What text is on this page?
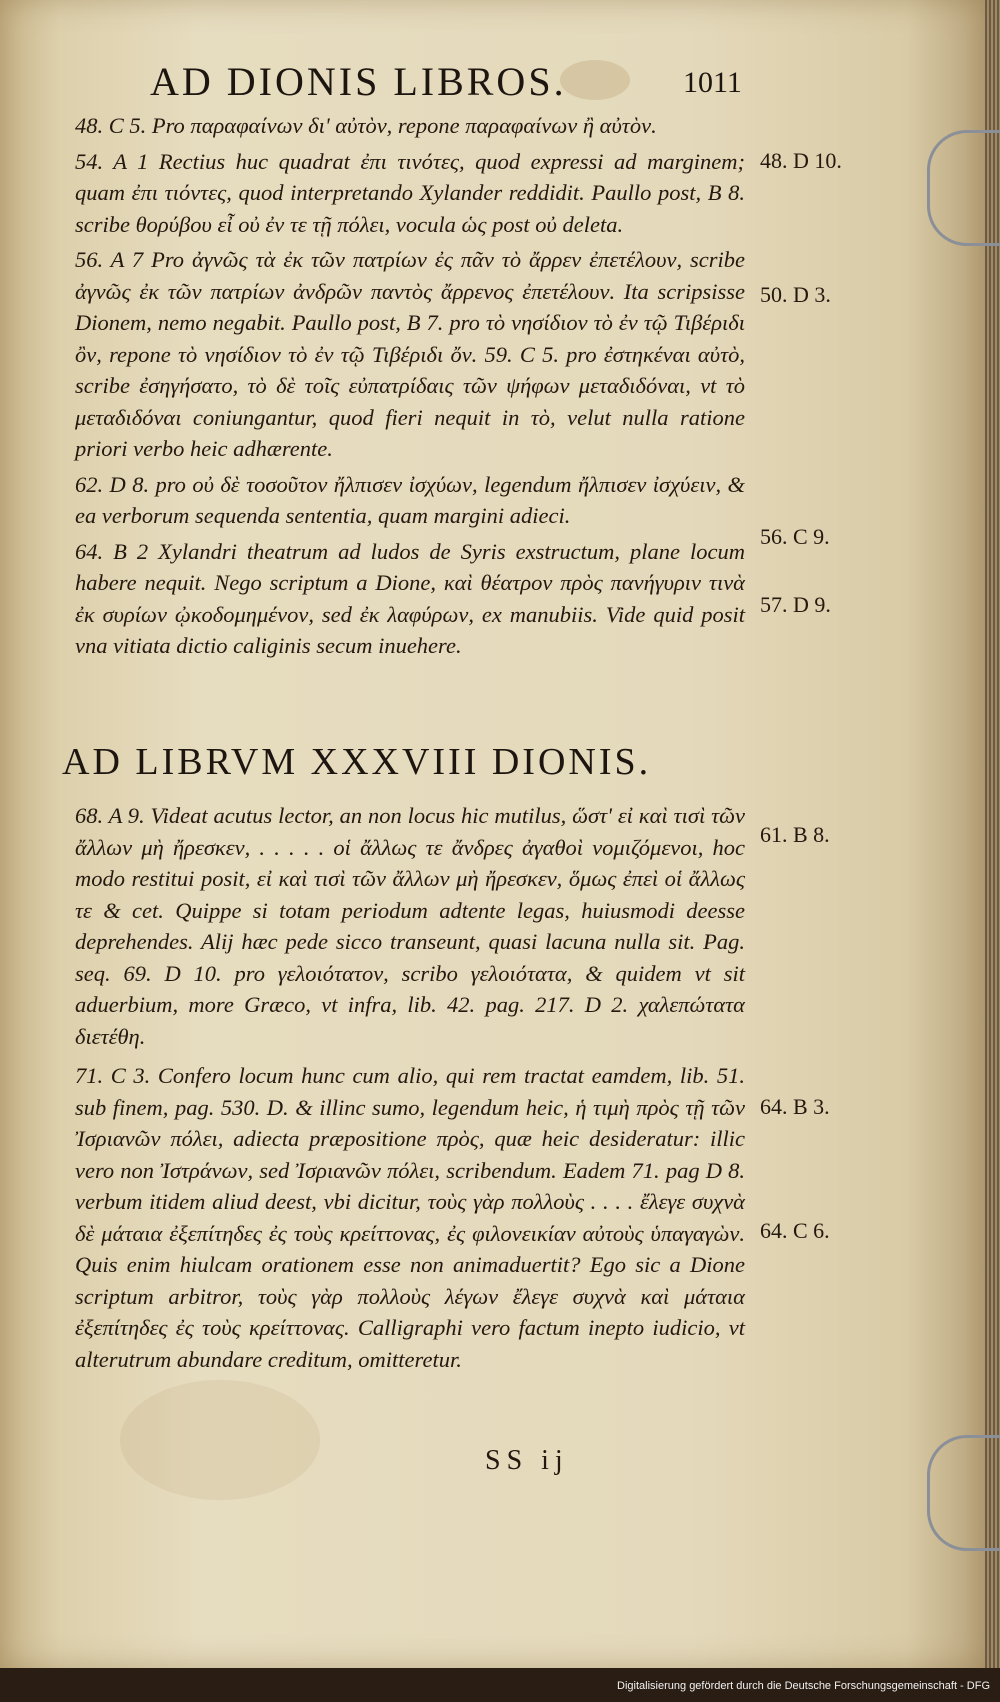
AD DIONIS LIBROS.	1011

48. C 5. Pro παραφαίνων δι' αὐτὸν, repone παραφαίνων ἢ αὐτὸν.

54. A 1 Rectius huc quadrat ἐπι τινότες, quod expressi ad marginem; quam ἐπι τιόντες, quod interpretando Xylander reddidit. Paullo post, B 8. scribe θορύβου εἶ οὐ ἐν τε τῇ πόλει, vocula ὡς post οὐ deleta.

56. A 7 Pro ἀγνῶς τὰ ἐκ τῶν πατρίων ἐς πᾶν τὸ ἄρρεν ἐπετέλουν, scribe ἀγνῶς ἐκ τῶν πατρίων ἀνδρῶν παντὸς ἄρρενος ἐπετέλουν. Ita scripsisse Dionem, nemo negabit. Paullo post, B 7. pro τὸ νησίδιον τὸ ἐν τῷ Τιβέριδι ὂν, repone τὸ νησίδιον τὸ ἐν τῷ Τιβέριδι ὄν. 59. C 5. pro ἐστηκέναι αὐτὸ, scribe ἐσηγήσατο, τὸ δὲ τοῖς εὐπατρίδαις τῶν ψήφων μεταδιδόναι, vt τὸ μεταδιδόναι coniungantur, quod fieri nequit in τὸ, velut nulla ratione priori verbo heic adhærente.

62. D 8. pro οὐ δὲ τοσοῦτον ἤλπισεν ἰσχύων, legendum ἤλπισεν ἰσχύειν, & ea verborum sequenda sententia, quam margini adieci.

64. B 2 Xylandri theatrum ad ludos de Syris exstructum, plane locum habere nequit. Nego scriptum a Dione, καὶ θέατρον πρὸς πανήγυριν τινὰ ἐκ συρίων ᾠκοδομημένον, sed ἐκ λαφύρων, ex manubiis. Vide quid posit vna vitiata dictio caliginis secum inuehere.

AD LIBRVM XXXVIII DIONIS.

68. A 9. Videat acutus lector, an non locus hic mutilus, ὥστ' εἰ καὶ τισὶ τῶν ἄλλων μὴ ἤρεσκεν, . . . . . οἱ ἄλλως τε ἄνδρες ἀγαθοὶ νομιζόμενοι, hoc modo restitui posit, εἰ καὶ τισὶ τῶν ἄλλων μὴ ἤρεσκεν, ὅμως ἐπεὶ οἱ ἄλλως τε & cet. Quippe si totam periodum adtente legas, huiusmodi deesse deprehendes. Alij hæc pede sicco transeunt, quasi lacuna nulla sit. Pag. seq. 69. D 10. pro γελοιότατον, scribo γελοιότατα, & quidem vt sit aduerbium, more Græco, vt infra, lib. 42. pag. 217. D 2. χαλεπώτατα διετέθη.

71. C 3. Confero locum hunc cum alio, qui rem tractat eamdem, lib. 51. sub finem, pag. 530. D. & illinc sumo, legendum heic, ἡ τιμὴ πρὸς τῇ τῶν Ἰσριανῶν πόλει, adiecta præpositione πρὸς, quæ heic desideratur: illic vero non Ἰστράνων, sed Ἰσριανῶν πόλει, scribendum. Eadem 71. pag D 8. verbum itidem aliud deest, vbi dicitur, τοὺς γὰρ πολλοὺς . . . . ἔλεγε συχνὰ δὲ μάταια ἐξεπίτηδες ἐς τοὺς κρείττονας, ἐς φιλονεικίαν αὐτοὺς ὑπαγαγὼν. Quis enim hiulcam orationem esse non animaduertit? Ego sic a Dione scriptum arbitror, τοὺς γὰρ πολλοὺς λέγων ἔλεγε συχνὰ καὶ μάταια ἐξεπίτηδες ἐς τοὺς κρείττονας. Calligraphi vero factum inepto iudicio, vt alterutrum abundare creditum, omitteretur.

48. D 10.
50. D 3.
56. C 9.
57. D 9.
61. B 8.
64. B 3.
64. C 6.
SS ij
Digitalisierung gefördert durch die Deutsche Forschungsgemeinschaft - DFG
